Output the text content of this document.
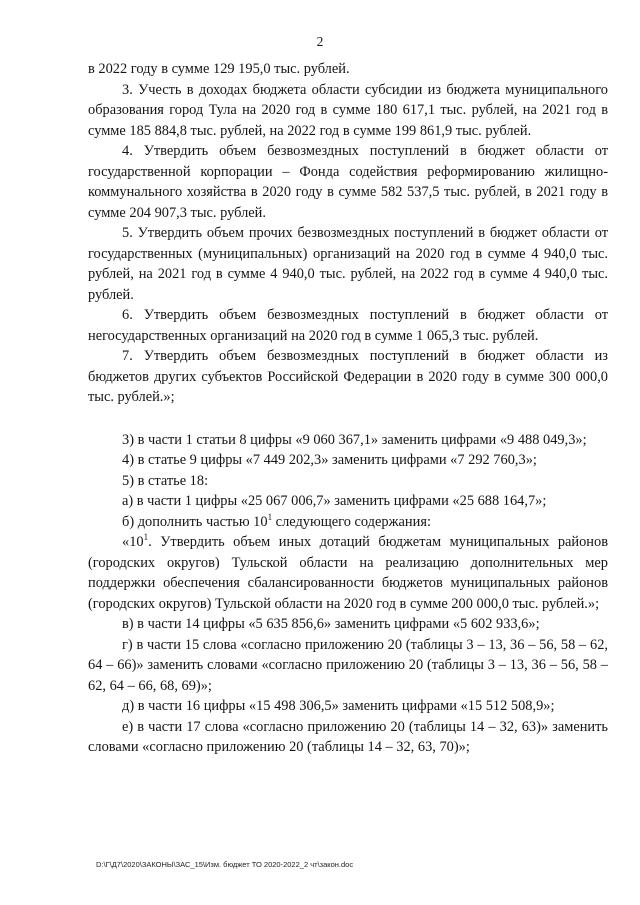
2

в 2022 году в сумме 129 195,0 тыс. рублей.

3. Учесть в доходах бюджета области субсидии из бюджета муниципального образования город Тула на 2020 год в сумме 180 617,1 тыс. рублей, на 2021 год в сумме 185 884,8 тыс. рублей, на 2022 год в сумме 199 861,9 тыс. рублей.

4. Утвердить объем безвозмездных поступлений в бюджет области от государственной корпорации – Фонда содействия реформированию жилищно-коммунального хозяйства в 2020 году в сумме 582 537,5 тыс. рублей, в 2021 году в сумме 204 907,3 тыс. рублей.

5. Утвердить объем прочих безвозмездных поступлений в бюджет области от государственных (муниципальных) организаций на 2020 год в сумме 4 940,0 тыс. рублей, на 2021 год в сумме 4 940,0 тыс. рублей, на 2022 год в сумме 4 940,0 тыс. рублей.

6. Утвердить объем безвозмездных поступлений в бюджет области от негосударственных организаций на 2020 год в сумме 1 065,3 тыс. рублей.

7. Утвердить объем безвозмездных поступлений в бюджет области из бюджетов других субъектов Российской Федерации в 2020 году в сумме 300 000,0 тыс. рублей.»;

3) в части 1 статьи 8 цифры «9 060 367,1» заменить цифрами «9 488 049,3»;

4) в статье 9 цифры «7 449 202,3» заменить цифрами «7 292 760,3»;

5) в статье 18:

а) в части 1 цифры «25 067 006,7» заменить цифрами «25 688 164,7»;

б) дополнить частью $10^1$ следующего содержания:

«$10^1$. Утвердить объем иных дотаций бюджетам муниципальных районов (городских округов) Тульской области на реализацию дополнительных мер поддержки обеспечения сбалансированности бюджетов муниципальных районов (городских округов) Тульской области на 2020 год в сумме 200 000,0 тыс. рублей.»;

в) в части 14 цифры «5 635 856,6» заменить цифрами «5 602 933,6»;

г) в части 15 слова «согласно приложению 20 (таблицы 3 – 13, 36 – 56, 58 – 62, 64 – 66)» заменить словами «согласно приложению 20 (таблицы 3 – 13, 36 – 56, 58 – 62, 64 – 66, 68, 69)»;

д) в части 16 цифры «15 498 306,5» заменить цифрами «15 512 508,9»;

е) в части 17 слова «согласно приложению 20 (таблицы 14 – 32, 63)» заменить словами «согласно приложению 20 (таблицы 14 – 32, 63, 70)»;

D:\Г\Д7\2020\ЗАКОНЫ\ЗАС_15\Изм. бюджет ТО 2020-2022_2 чт\закон.doc
